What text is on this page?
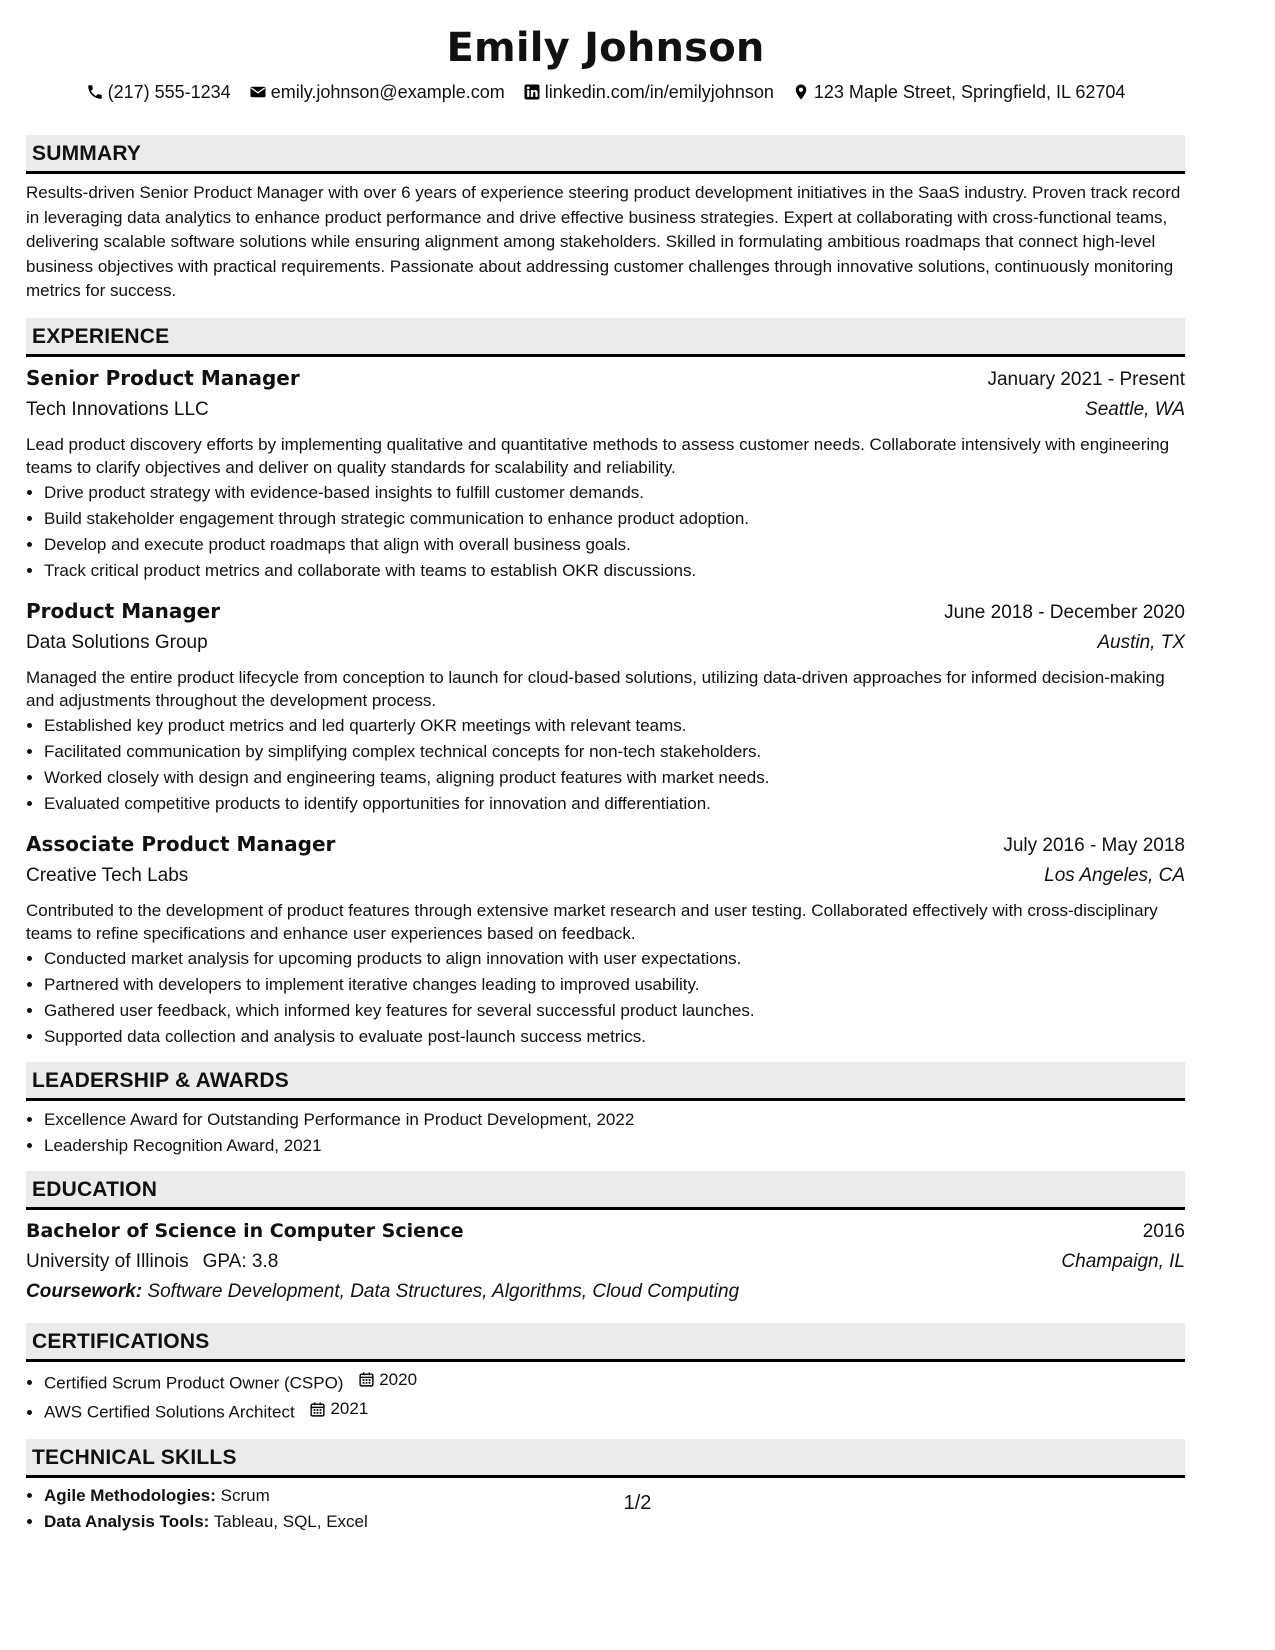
Emily Johnson
(217) 555-1234 emily.johnson@example.com linkedin.com/in/emilyjohnson 123 Maple Street, Springfield, IL 62704
SUMMARY
Results-driven Senior Product Manager with over 6 years of experience steering product development initiatives in the SaaS industry. Proven track record in leveraging data analytics to enhance product performance and drive effective business strategies. Expert at collaborating with cross-functional teams, delivering scalable software solutions while ensuring alignment among stakeholders. Skilled in formulating ambitious roadmaps that connect high-level business objectives with practical requirements. Passionate about addressing customer challenges through innovative solutions, continuously monitoring metrics for success.
EXPERIENCE
Senior Product Manager	January 2021 - Present
Tech Innovations LLC	Seattle, WA
Lead product discovery efforts by implementing qualitative and quantitative methods to assess customer needs. Collaborate intensively with engineering teams to clarify objectives and deliver on quality standards for scalability and reliability.
• Drive product strategy with evidence-based insights to fulfill customer demands.
• Build stakeholder engagement through strategic communication to enhance product adoption.
• Develop and execute product roadmaps that align with overall business goals.
• Track critical product metrics and collaborate with teams to establish OKR discussions.
Product Manager	June 2018 - December 2020
Data Solutions Group	Austin, TX
Managed the entire product lifecycle from conception to launch for cloud-based solutions, utilizing data-driven approaches for informed decision-making and adjustments throughout the development process.
• Established key product metrics and led quarterly OKR meetings with relevant teams.
• Facilitated communication by simplifying complex technical concepts for non-tech stakeholders.
• Worked closely with design and engineering teams, aligning product features with market needs.
• Evaluated competitive products to identify opportunities for innovation and differentiation.
Associate Product Manager	July 2016 - May 2018
Creative Tech Labs	Los Angeles, CA
Contributed to the development of product features through extensive market research and user testing. Collaborated effectively with cross-disciplinary teams to refine specifications and enhance user experiences based on feedback.
• Conducted market analysis for upcoming products to align innovation with user expectations.
• Partnered with developers to implement iterative changes leading to improved usability.
• Gathered user feedback, which informed key features for several successful product launches.
• Supported data collection and analysis to evaluate post-launch success metrics.
LEADERSHIP & AWARDS
• Excellence Award for Outstanding Performance in Product Development, 2022
• Leadership Recognition Award, 2021
EDUCATION
Bachelor of Science in Computer Science	2016
University of Illinois GPA: 3.8	Champaign, IL
Coursework: Software Development, Data Structures, Algorithms, Cloud Computing
CERTIFICATIONS
• Certified Scrum Product Owner (CSPO) 2020
• AWS Certified Solutions Architect 2021
TECHNICAL SKILLS
• Agile Methodologies: Scrum
• Data Analysis Tools: Tableau, SQL, Excel
1/2
